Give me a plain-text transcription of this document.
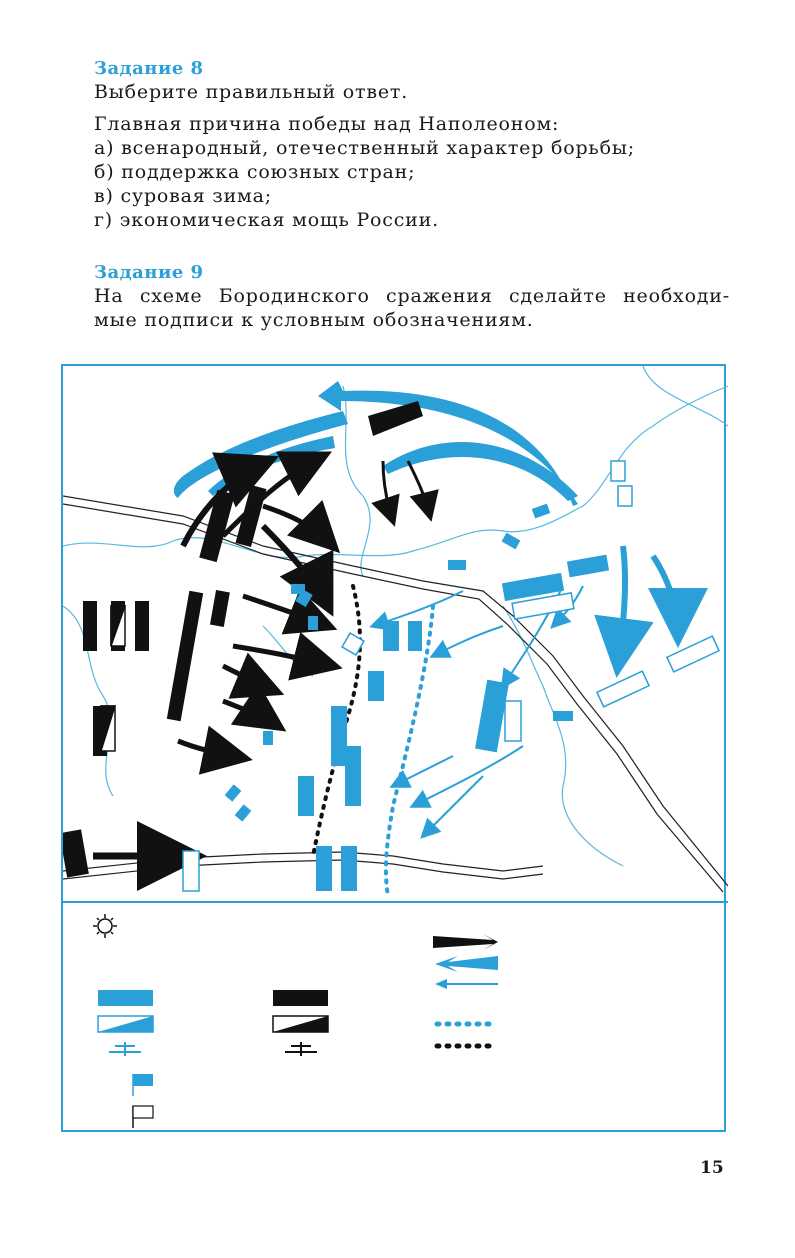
Задание 8
Выберите правильный ответ.
Главная причина победы над Наполеоном:
а) всенародный, отечественный характер борьбы;
б) поддержка союзных стран;
в) суровая зима;
г) экономическая мощь России.
Задание 9
На схеме Бородинского сражения сделайте необходи-
мые подписи к условным обозначениям.
15
